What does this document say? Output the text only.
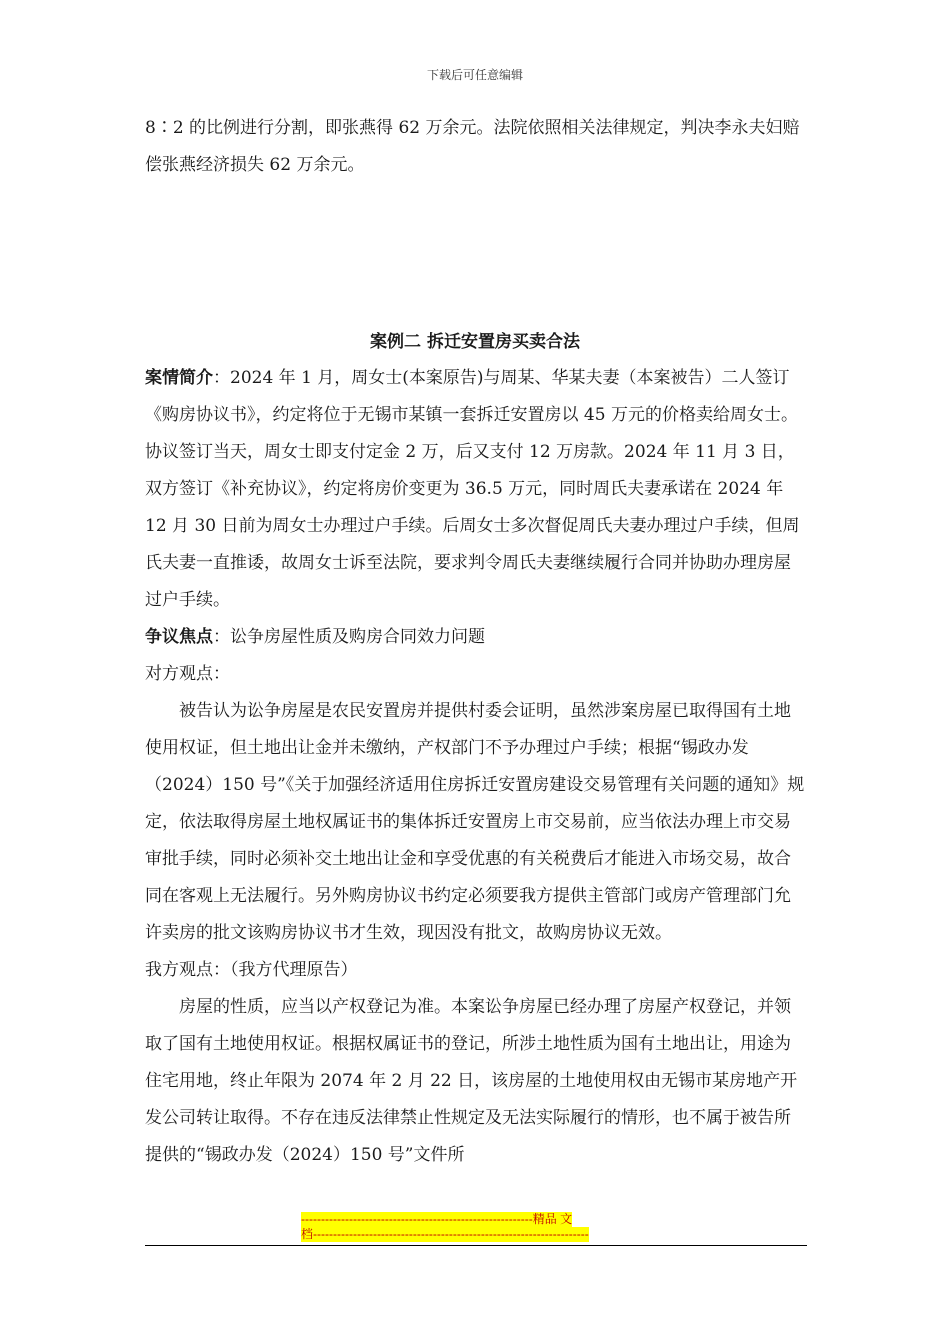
下载后可任意编辑

8∶2 的比例进行分割，即张燕得 62 万余元。法院依照相关法律规定，判决李永夫妇赔偿张燕经济损失 62 万余元。

案例二 拆迁安置房买卖合法

案情简介：2024 年 1 月，周女士(本案原告)与周某、华某夫妻（本案被告）二人签订《购房协议书》，约定将位于无锡市某镇一套拆迁安置房以 45 万元的价格卖给周女士。协议签订当天，周女士即支付定金 2 万，后又支付 12 万房款。2024 年 11 月 3 日，双方签订《补充协议》，约定将房价变更为 36.5 万元，同时周氏夫妻承诺在 2024 年 12 月 30 日前为周女士办理过户手续。后周女士多次督促周氏夫妻办理过户手续，但周氏夫妻一直推诿，故周女士诉至法院，要求判令周氏夫妻继续履行合同并协助办理房屋过户手续。

争议焦点：讼争房屋性质及购房合同效力问题

对方观点：

被告认为讼争房屋是农民安置房并提供村委会证明，虽然涉案房屋已取得国有土地使用权证，但土地出让金并未缴纳，产权部门不予办理过户手续；根据“锡政办发（2024）150 号”《关于加强经济适用住房拆迁安置房建设交易管理有关问题的通知》规定，依法取得房屋土地权属证书的集体拆迁安置房上市交易前，应当依法办理上市交易审批手续，同时必须补交土地出让金和享受优惠的有关税费后才能进入市场交易，故合同在客观上无法履行。另外购房协议书约定必须要我方提供主管部门或房产管理部门允许卖房的批文该购房协议书才生效，现因没有批文，故购房协议无效。

我方观点：（我方代理原告）

房屋的性质，应当以产权登记为准。本案讼争房屋已经办理了房屋产权登记，并领取了国有土地使用权证。根据权属证书的登记，所涉土地性质为国有土地出让，用途为住宅用地，终止年限为 2074 年 2 月 22 日，该房屋的土地使用权由无锡市某房地产开发公司转让取得。不存在违反法律禁止性规定及无法实际履行的情形，也不属于被告所提供的“锡政办发（2024）150 号”文件所

----------------------------------------------------------精品 文
档---------------------------------------------------------------------
